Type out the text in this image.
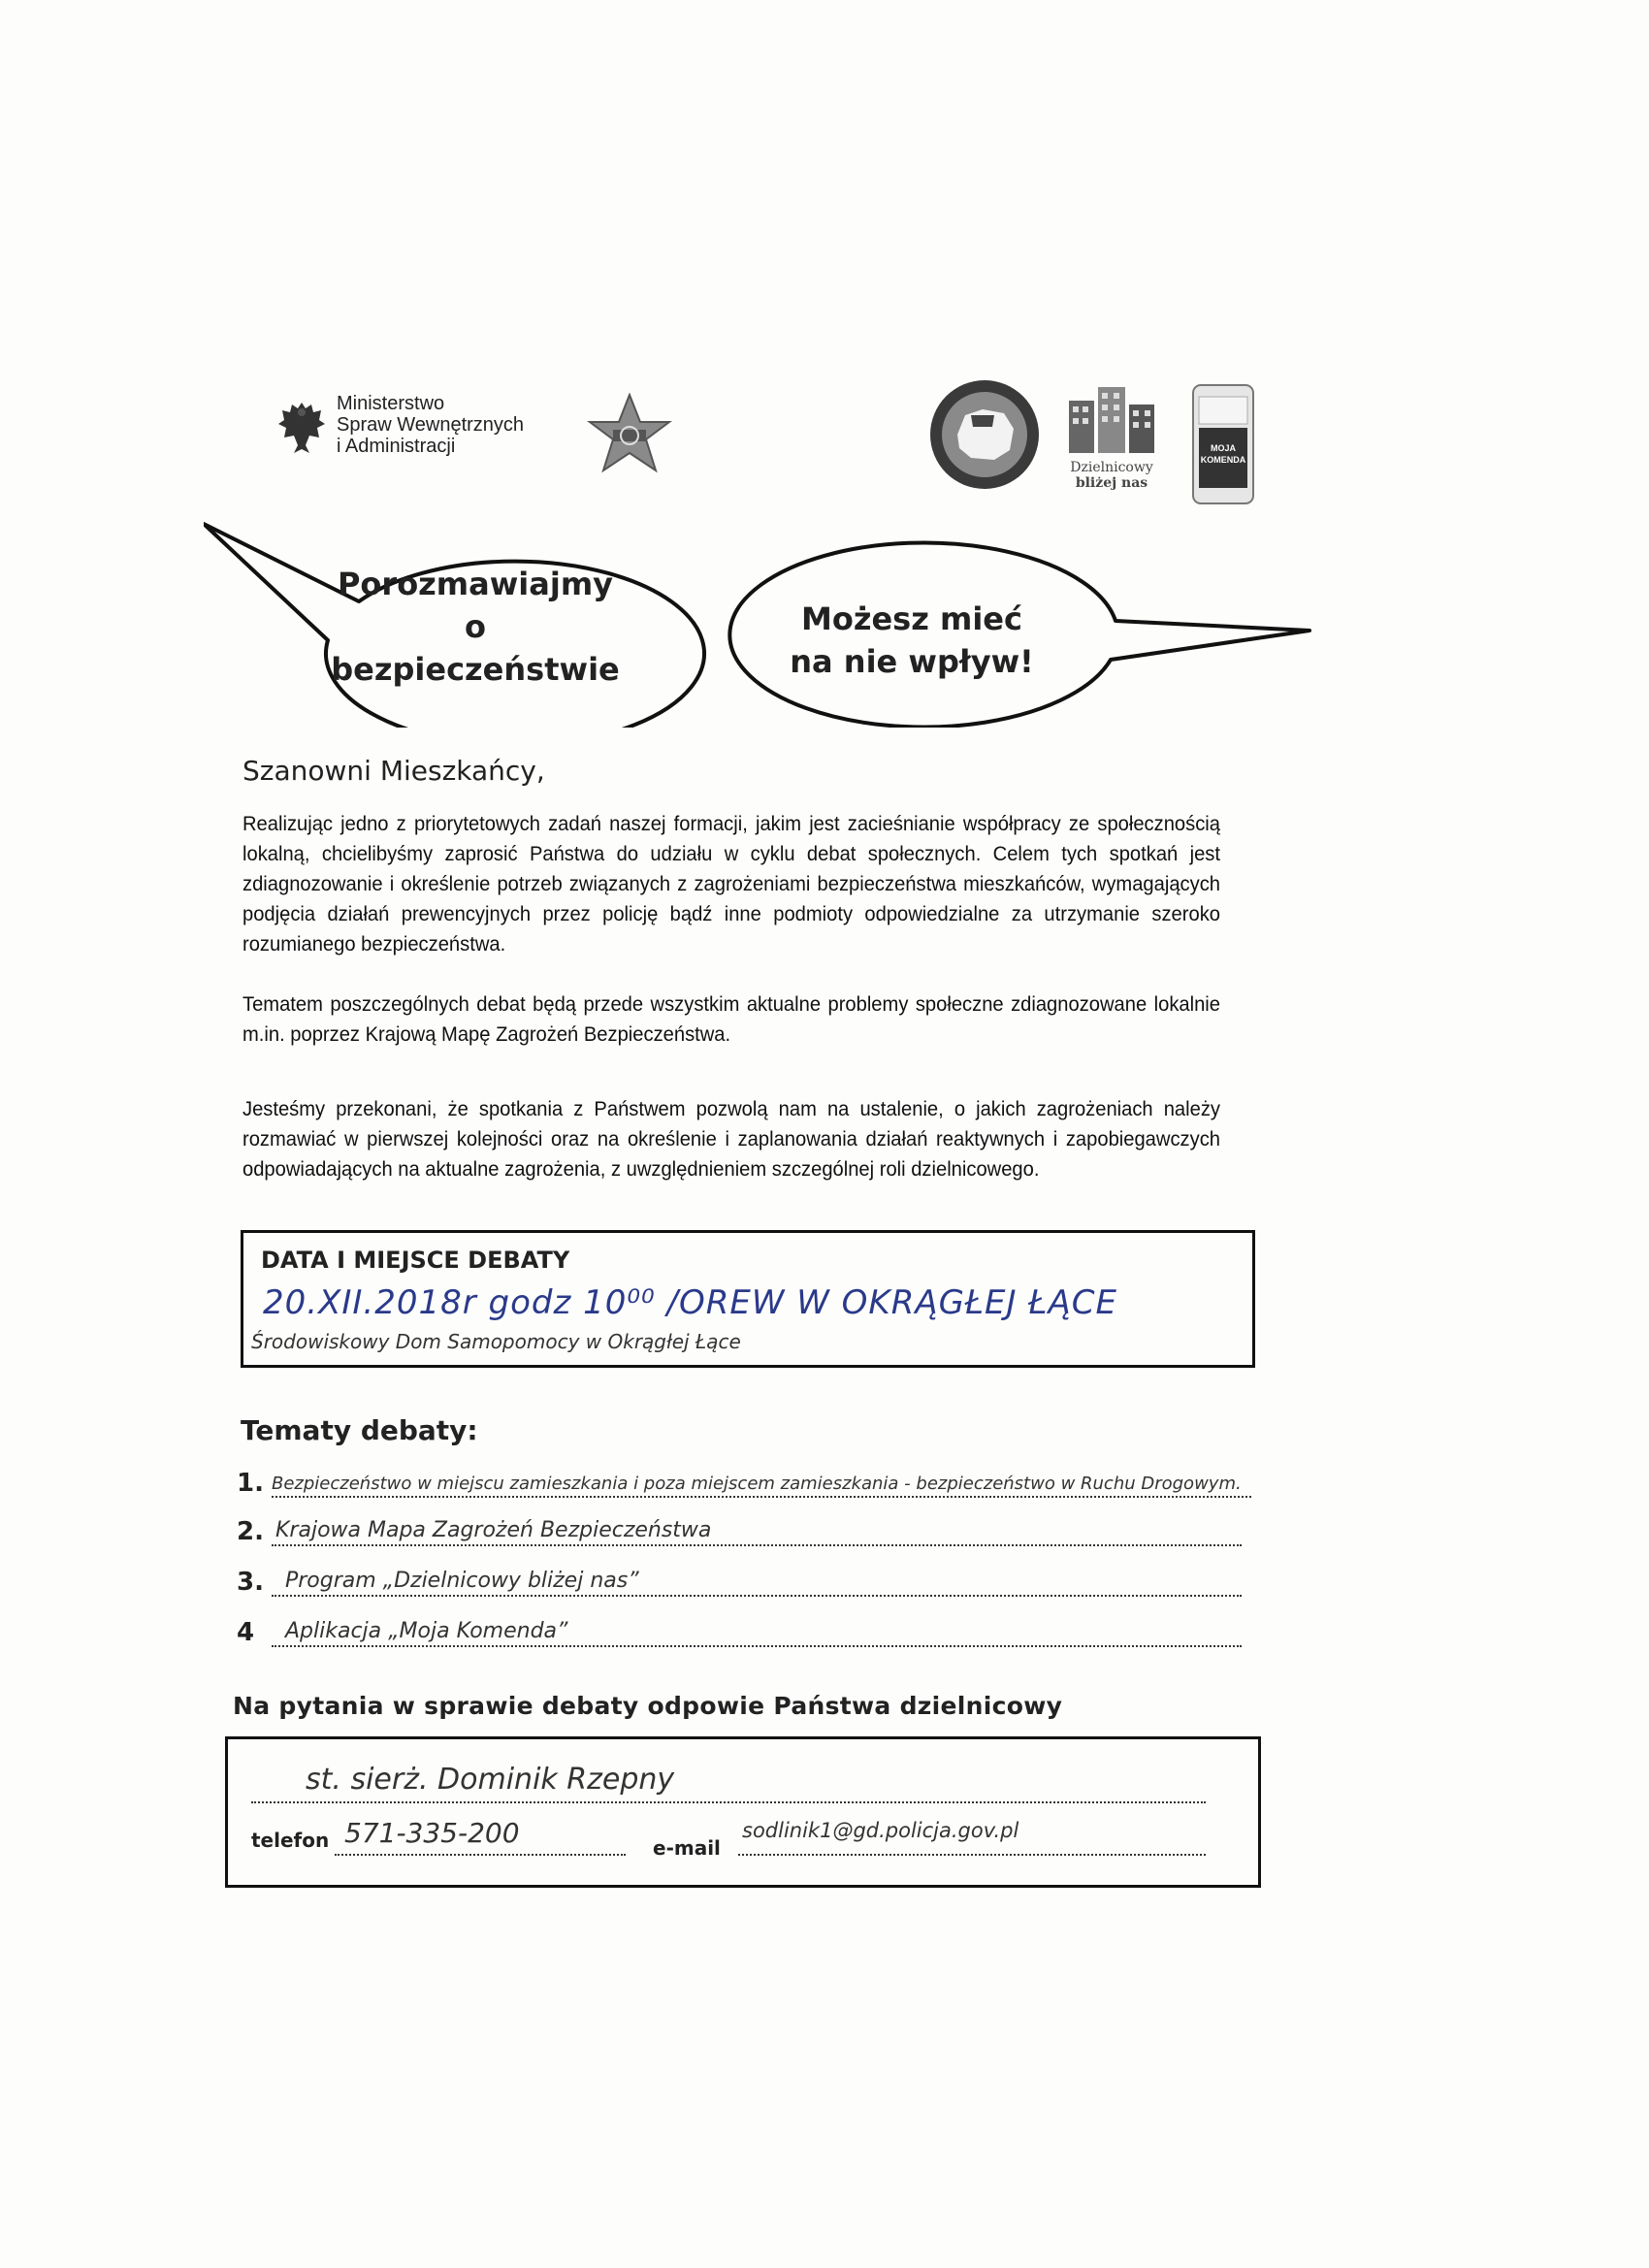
Ministerstwo
Spraw Wewnętrznych
i Administracji
Dzielnicowy
bliżej nas
MOJA
KOMENDA
Porozmawiajmy
o bezpieczeństwie
Możesz mieć
na nie wpływ!
Szanowni Mieszkańcy,
Realizując jedno z priorytetowych zadań naszej formacji, jakim jest zacieśnianie współpracy ze społecznością lokalną, chcielibyśmy zaprosić Państwa do udziału w cyklu debat społecznych. Celem tych spotkań jest zdiagnozowanie i określenie potrzeb związanych z zagrożeniami bezpieczeństwa mieszkańców, wymagających podjęcia działań prewencyjnych przez policję bądź inne podmioty odpowiedzialne za utrzymanie szeroko rozumianego bezpieczeństwa.
Tematem poszczególnych debat będą przede wszystkim aktualne problemy społeczne zdiagnozowane lokalnie m.in. poprzez Krajową Mapę Zagrożeń Bezpieczeństwa.
Jesteśmy przekonani, że spotkania z Państwem pozwolą nam na ustalenie, o jakich zagrożeniach należy rozmawiać w pierwszej kolejności oraz na określenie i zaplanowania działań reaktywnych i zapobiegawczych odpowiadających na aktualne zagrożenia, z uwzględnieniem szczególnej roli dzielnicowego.
DATA I MIEJSCE DEBATY
20.XII.2018r godz 10⁰⁰ /OREW W OKRĄGŁEJ ŁĄCE
Środowiskowy Dom Samopomocy w Okrągłej Łące
Tematy debaty:
1. Bezpieczeństwo w miejscu zamieszkania i poza miejscem zamieszkania - bezpieczeństwo w Ruchu Drogowym.
2. Krajowa Mapa Zagrożeń Bezpieczeństwa
3. Program „Dzielnicowy bliżej nas”
4 Aplikacja „Moja Komenda”
Na pytania w sprawie debaty odpowie Państwa dzielnicowy
st. sierż. Dominik Rzepny
telefon 571-335-200	e-mail
sodlinik1@gd.policja.gov.pl
